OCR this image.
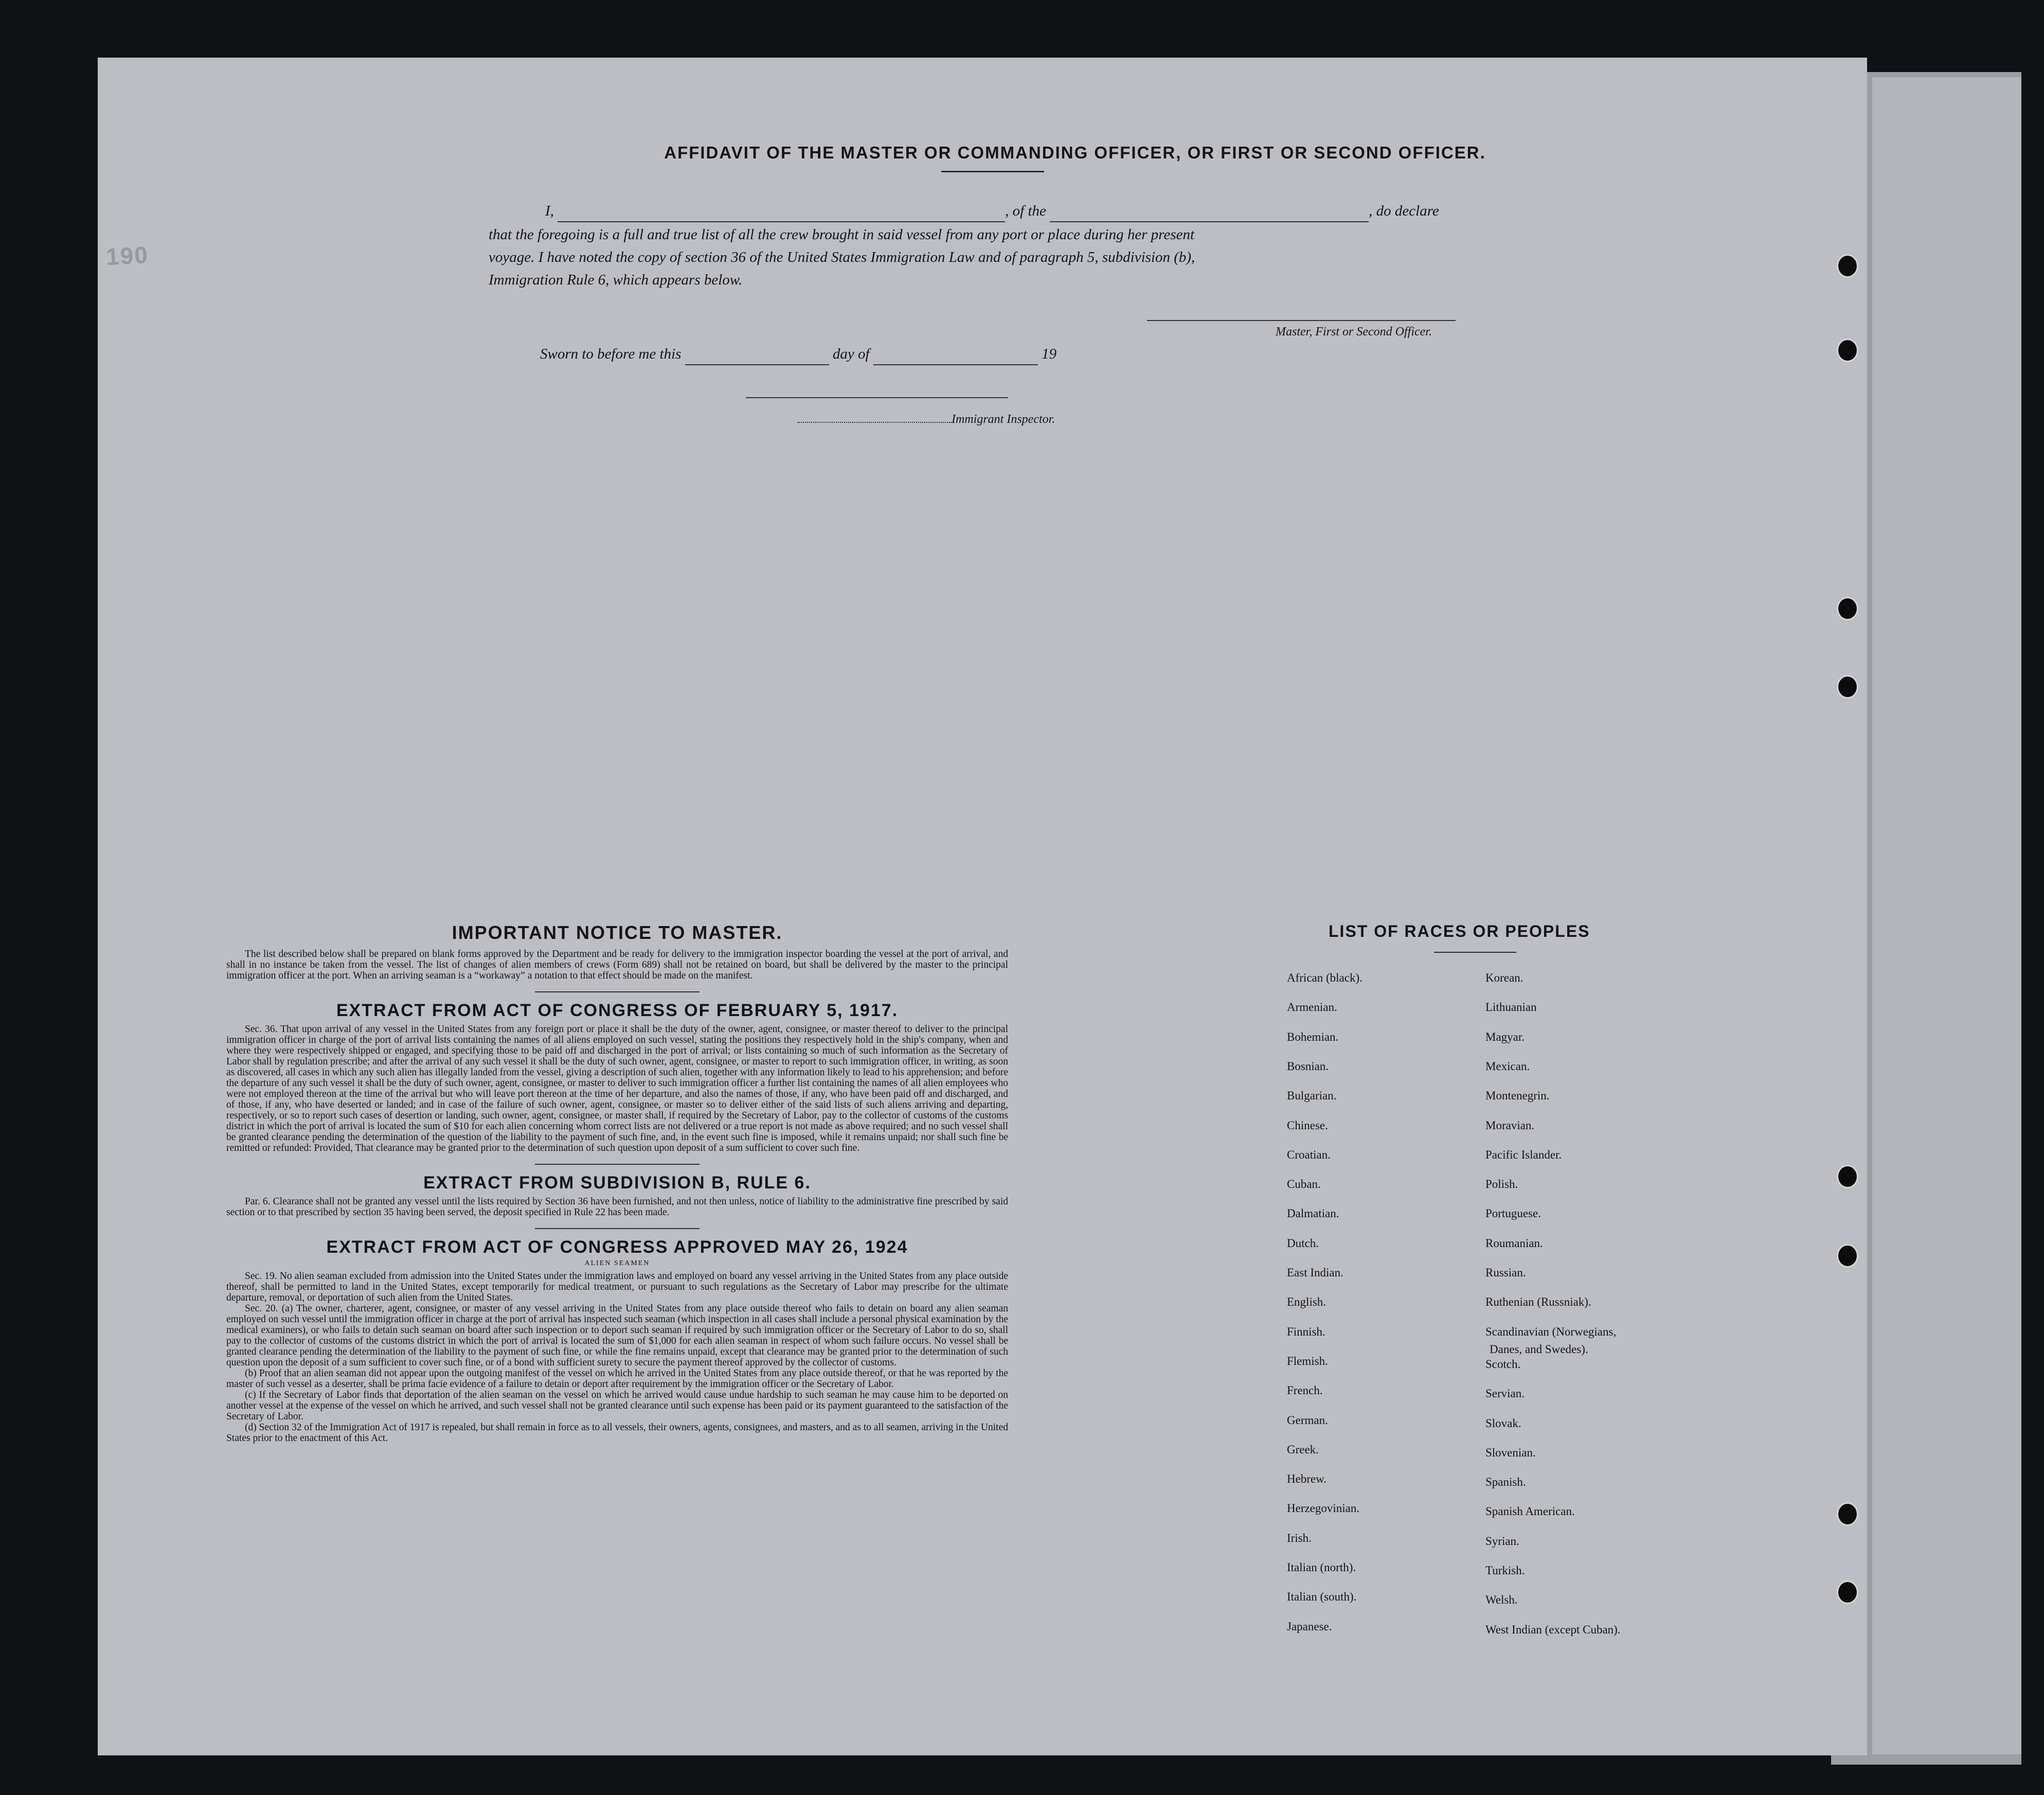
190
AFFIDAVIT OF THE MASTER OR COMMANDING OFFICER, OR FIRST OR SECOND OFFICER.
I,	, of the	, do declare
that the foregoing is a full and true list of all the crew brought in said vessel from any port or place during her present
voyage. I have noted the copy of section 36 of the United States Immigration Law and of paragraph 5, subdivision (b),
Immigration Rule 6, which appears below.
Master, First or Second Officer.
Sworn to before me this	day of	19
Immigrant Inspector.
IMPORTANT NOTICE TO MASTER.

The list described below shall be prepared on blank forms approved by the Department and be ready for delivery to the immigration inspector boarding the vessel at the port of arrival, and shall in no instance be taken from the vessel. The list of changes of alien members of crews (Form 689) shall not be retained on board, but shall be delivered by the master to the principal immigration officer at the port. When an arriving seaman is a “workaway” a notation to that effect should be made on the manifest.

EXTRACT FROM ACT OF CONGRESS OF FEBRUARY 5, 1917.

Sec. 36. That upon arrival of any vessel in the United States from any foreign port or place it shall be the duty of the owner, agent, consignee, or master thereof to deliver to the principal immigration officer in charge of the port of arrival lists containing the names of all aliens employed on such vessel, stating the positions they respectively hold in the ship's company, when and where they were respectively shipped or engaged, and specifying those to be paid off and discharged in the port of arrival; or lists containing so much of such information as the Secretary of Labor shall by regulation prescribe; and after the arrival of any such vessel it shall be the duty of such owner, agent, consignee, or master to report to such immigration officer, in writing, as soon as discovered, all cases in which any such alien has illegally landed from the vessel, giving a description of such alien, together with any information likely to lead to his apprehension; and before the departure of any such vessel it shall be the duty of such owner, agent, consignee, or master to deliver to such immigration officer a further list containing the names of all alien employees who were not employed thereon at the time of the arrival but who will leave port thereon at the time of her departure, and also the names of those, if any, who have been paid off and discharged, and of those, if any, who have deserted or landed; and in case of the failure of such owner, agent, consignee, or master so to deliver either of the said lists of such aliens arriving and departing, respectively, or so to report such cases of desertion or landing, such owner, agent, consignee, or master shall, if required by the Secretary of Labor, pay to the collector of customs of the customs district in which the port of arrival is located the sum of $10 for each alien concerning whom correct lists are not delivered or a true report is not made as above required; and no such vessel shall be granted clearance pending the determination of the question of the liability to the payment of such fine, and, in the event such fine is imposed, while it remains unpaid; nor shall such fine be remitted or refunded: Provided, That clearance may be granted prior to the determination of such question upon deposit of a sum sufficient to cover such fine.

EXTRACT FROM SUBDIVISION B, RULE 6.

Par. 6. Clearance shall not be granted any vessel until the lists required by Section 36 have been furnished, and not then unless, notice of liability to the administrative fine prescribed by said section or to that prescribed by section 35 having been served, the deposit specified in Rule 22 has been made.

EXTRACT FROM ACT OF CONGRESS APPROVED MAY 26, 1924
ALIEN SEAMEN

Sec. 19. No alien seaman excluded from admission into the United States under the immigration laws and employed on board any vessel arriving in the United States from any place outside thereof, shall be permitted to land in the United States, except temporarily for medical treatment, or pursuant to such regulations as the Secretary of Labor may prescribe for the ultimate departure, removal, or deportation of such alien from the United States.

Sec. 20. (a) The owner, charterer, agent, consignee, or master of any vessel arriving in the United States from any place outside thereof who fails to detain on board any alien seaman employed on such vessel until the immigration officer in charge at the port of arrival has inspected such seaman (which inspection in all cases shall include a personal physical examination by the medical examiners), or who fails to detain such seaman on board after such inspection or to deport such seaman if required by such immigration officer or the Secretary of Labor to do so, shall pay to the collector of customs of the customs district in which the port of arrival is located the sum of $1,000 for each alien seaman in respect of whom such failure occurs. No vessel shall be granted clearance pending the determination of the liability to the payment of such fine, or while the fine remains unpaid, except that clearance may be granted prior to the determination of such question upon the deposit of a sum sufficient to cover such fine, or of a bond with sufficient surety to secure the payment thereof approved by the collector of customs.

(b) Proof that an alien seaman did not appear upon the outgoing manifest of the vessel on which he arrived in the United States from any place outside thereof, or that he was reported by the master of such vessel as a deserter, shall be prima facie evidence of a failure to detain or deport after requirement by the immigration officer or the Secretary of Labor.

(c) If the Secretary of Labor finds that deportation of the alien seaman on the vessel on which he arrived would cause undue hardship to such seaman he may cause him to be deported on another vessel at the expense of the vessel on which he arrived, and such vessel shall not be granted clearance until such expense has been paid or its payment guaranteed to the satisfaction of the Secretary of Labor.

(d) Section 32 of the Immigration Act of 1917 is repealed, but shall remain in force as to all vessels, their owners, agents, consignees, and masters, and as to all seamen, arriving in the United States prior to the enactment of this Act.

LIST OF RACES OR PEOPLES
Danes, and Swedes).
African (black).
Armenian.
Bohemian.
Bosnian.
Bulgarian.
Chinese.
Croatian.
Cuban.
Dalmatian.
Dutch.
East Indian.
English.
Finnish.
Flemish.
French.
German.
Greek.
Hebrew.
Herzegovinian.
Irish.
Italian (north).
Italian (south).
Japanese.
Korean.
Lithuanian
Magyar.
Mexican.
Montenegrin.
Moravian.
Pacific Islander.
Polish.
Portuguese.
Roumanian.
Russian.
Ruthenian (Russniak).
Scandinavian (Norwegians,
Scotch.
Servian.
Slovak.
Slovenian.
Spanish.
Spanish American.
Syrian.
Turkish.
Welsh.
West Indian (except Cuban).
